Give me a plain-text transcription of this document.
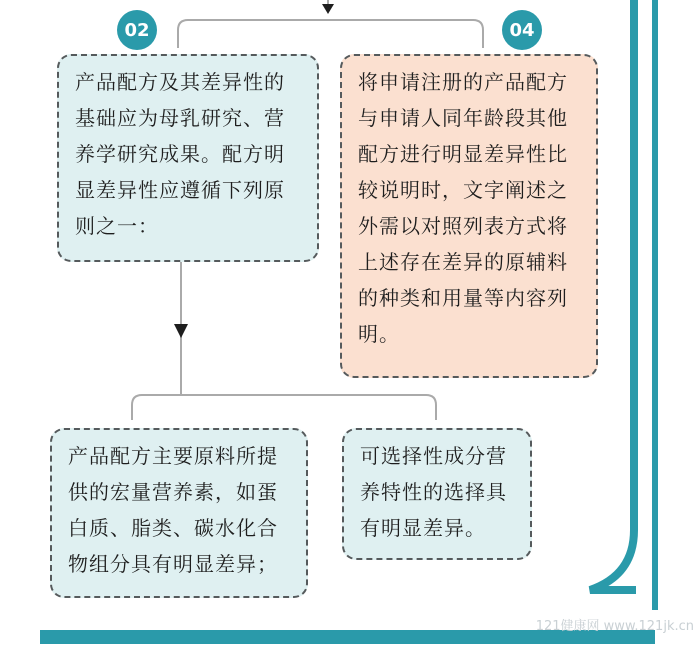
02	04
产品配方及其差异性的基础应为母乳研究、营养学研究成果。配方明显差异性应遵循下列原则之一：
将申请注册的产品配方与申请人同年龄段其他配方进行明显差异性比较说明时，文字阐述之外需以对照列表方式将上述存在差异的原辅料的种类和用量等内容列明。
产品配方主要原料所提供的宏量营养素，如蛋白质、脂类、碳水化合物组分具有明显差异；
可选择性成分营养特性的选择具有明显差异。
121健康网 www.121jk.cn
